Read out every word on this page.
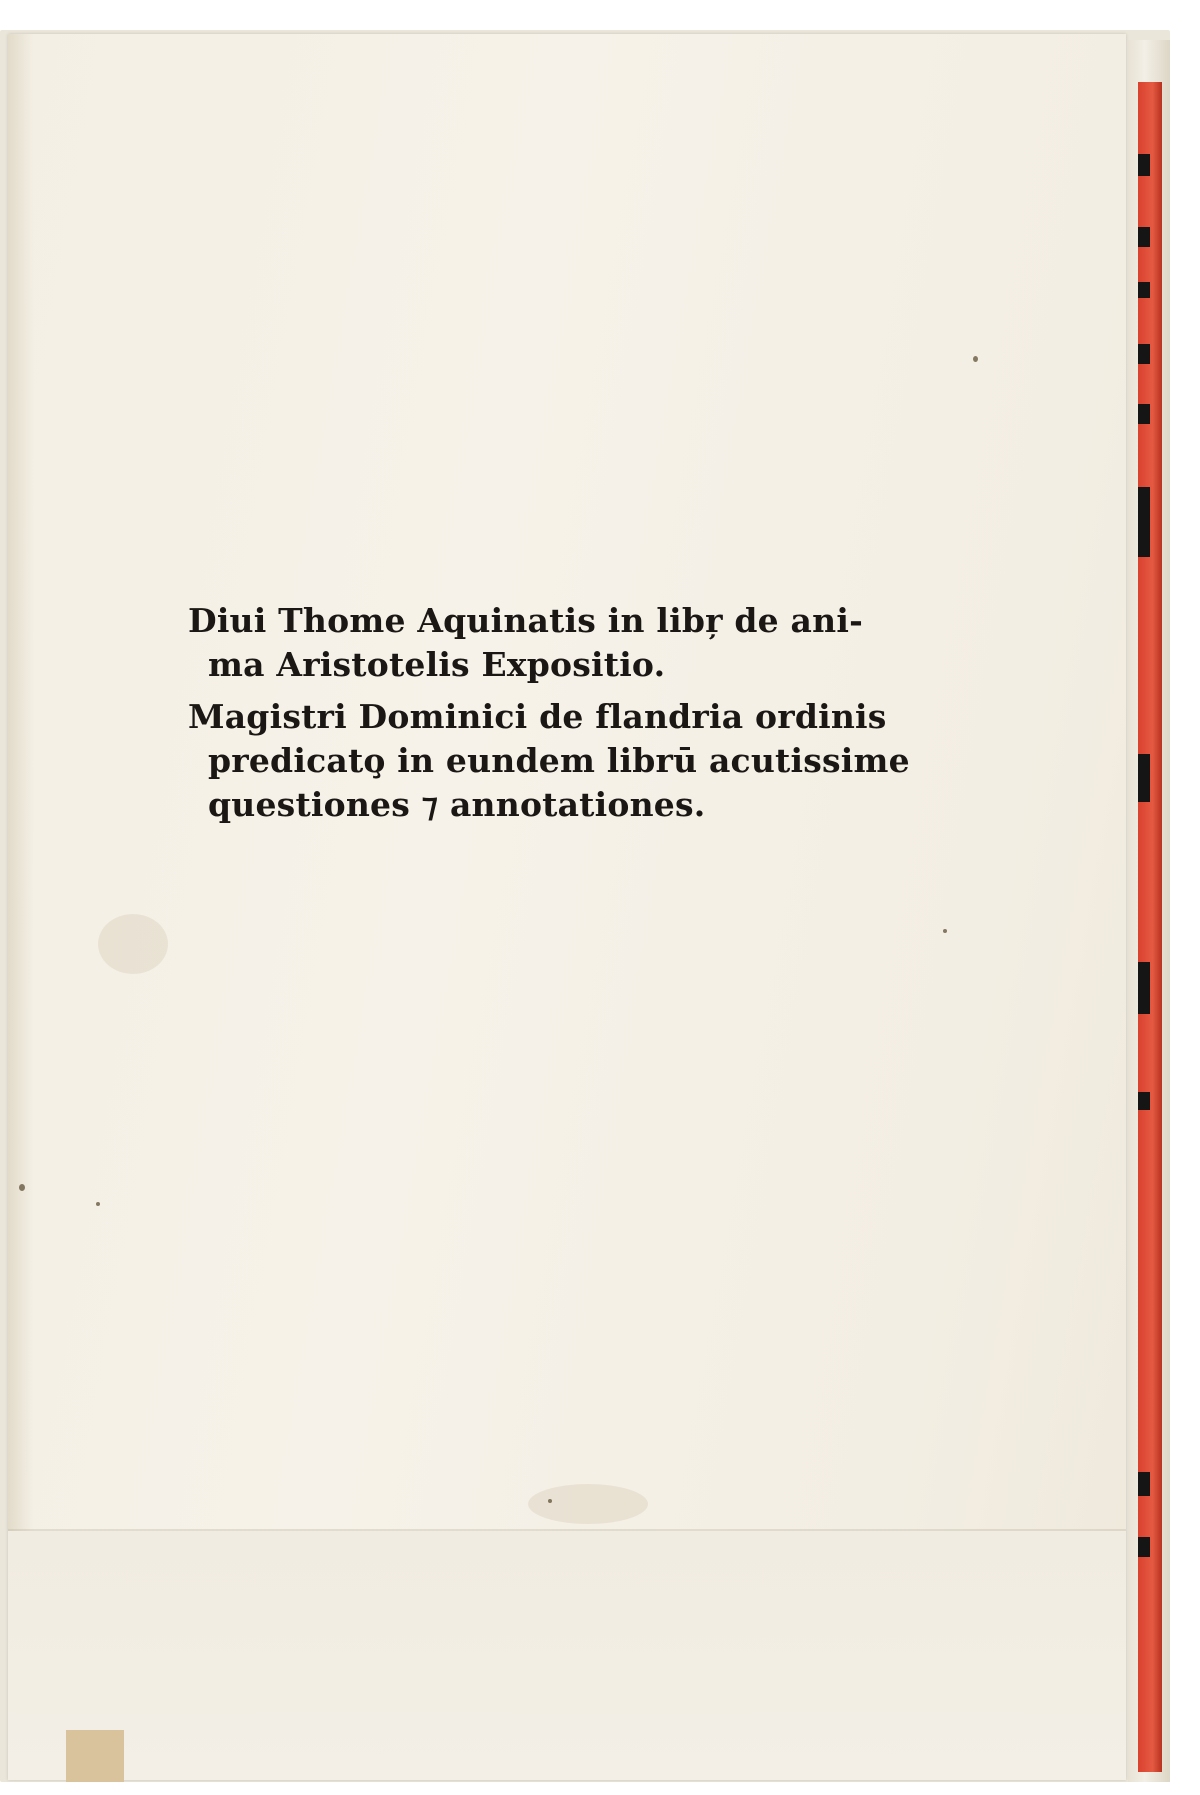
Diui Thome Aquinatis in libŗ de ani-
ma Aristotelis Expositio.
Magistri Dominici de flandria ordinis
predicato̧ in eundem librū acutissime
questiones ⁊ annotationes.
